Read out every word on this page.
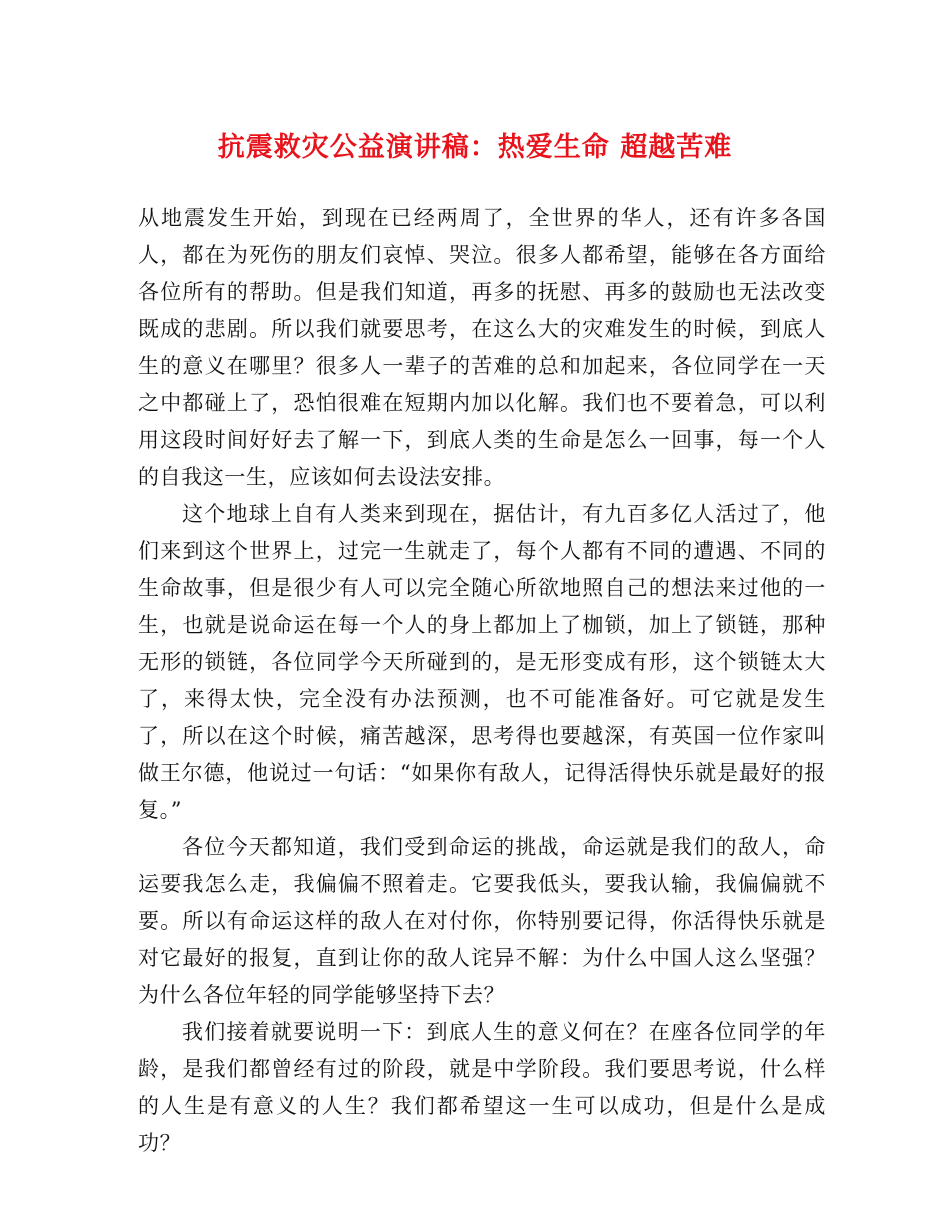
抗震救灾公益演讲稿：热爱生命 超越苦难

从地震发生开始，到现在已经两周了，全世界的华人，还有许多各国人，都在为死伤的朋友们哀悼、哭泣。很多人都希望，能够在各方面给各位所有的帮助。但是我们知道，再多的抚慰、再多的鼓励也无法改变既成的悲剧。所以我们就要思考，在这么大的灾难发生的时候，到底人生的意义在哪里？很多人一辈子的苦难的总和加起来，各位同学在一天之中都碰上了，恐怕很难在短期内加以化解。我们也不要着急，可以利用这段时间好好去了解一下，到底人类的生命是怎么一回事，每一个人的自我这一生，应该如何去设法安排。

这个地球上自有人类来到现在，据估计，有九百多亿人活过了，他们来到这个世界上，过完一生就走了，每个人都有不同的遭遇、不同的生命故事，但是很少有人可以完全随心所欲地照自己的想法来过他的一生，也就是说命运在每一个人的身上都加上了枷锁，加上了锁链，那种无形的锁链，各位同学今天所碰到的，是无形变成有形，这个锁链太大了，来得太快，完全没有办法预测，也不可能准备好。可它就是发生了，所以在这个时候，痛苦越深，思考得也要越深，有英国一位作家叫做王尔德，他说过一句话：“如果你有敌人，记得活得快乐就是最好的报复。”

各位今天都知道，我们受到命运的挑战，命运就是我们的敌人，命运要我怎么走，我偏偏不照着走。它要我低头，要我认输，我偏偏就不要。所以有命运这样的敌人在对付你，你特别要记得，你活得快乐就是对它最好的报复，直到让你的敌人诧异不解：为什么中国人这么坚强？为什么各位年轻的同学能够坚持下去？

我们接着就要说明一下：到底人生的意义何在？在座各位同学的年龄，是我们都曾经有过的阶段，就是中学阶段。我们要思考说，什么样的人生是有意义的人生？我们都希望这一生可以成功，但是什么是成功？
